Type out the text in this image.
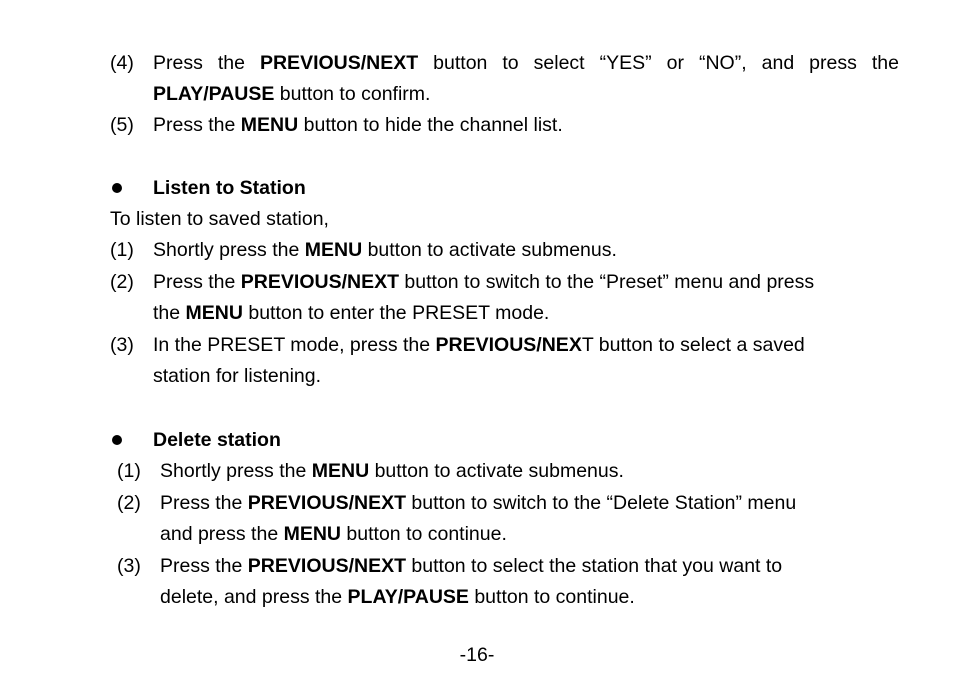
(4) Press the PREVIOUS/NEXT button to select “YES” or “NO”, and press the
PLAY/PAUSE button to confirm.
(5) Press the MENU button to hide the channel list.
Listen to Station
To listen to saved station,
(1) Shortly press the MENU button to activate submenus.
(2) Press the PREVIOUS/NEXT button to switch to the “Preset” menu and press
the MENU button to enter the PRESET mode.
(3) In the PRESET mode, press the PREVIOUS/NEXT button to select a saved
station for listening.
Delete station
(1) Shortly press the MENU button to activate submenus.
(2) Press the PREVIOUS/NEXT button to switch to the “Delete Station” menu
and press the MENU button to continue.
(3) Press the PREVIOUS/NEXT button to select the station that you want to
delete, and press the PLAY/PAUSE button to continue.
-16-
